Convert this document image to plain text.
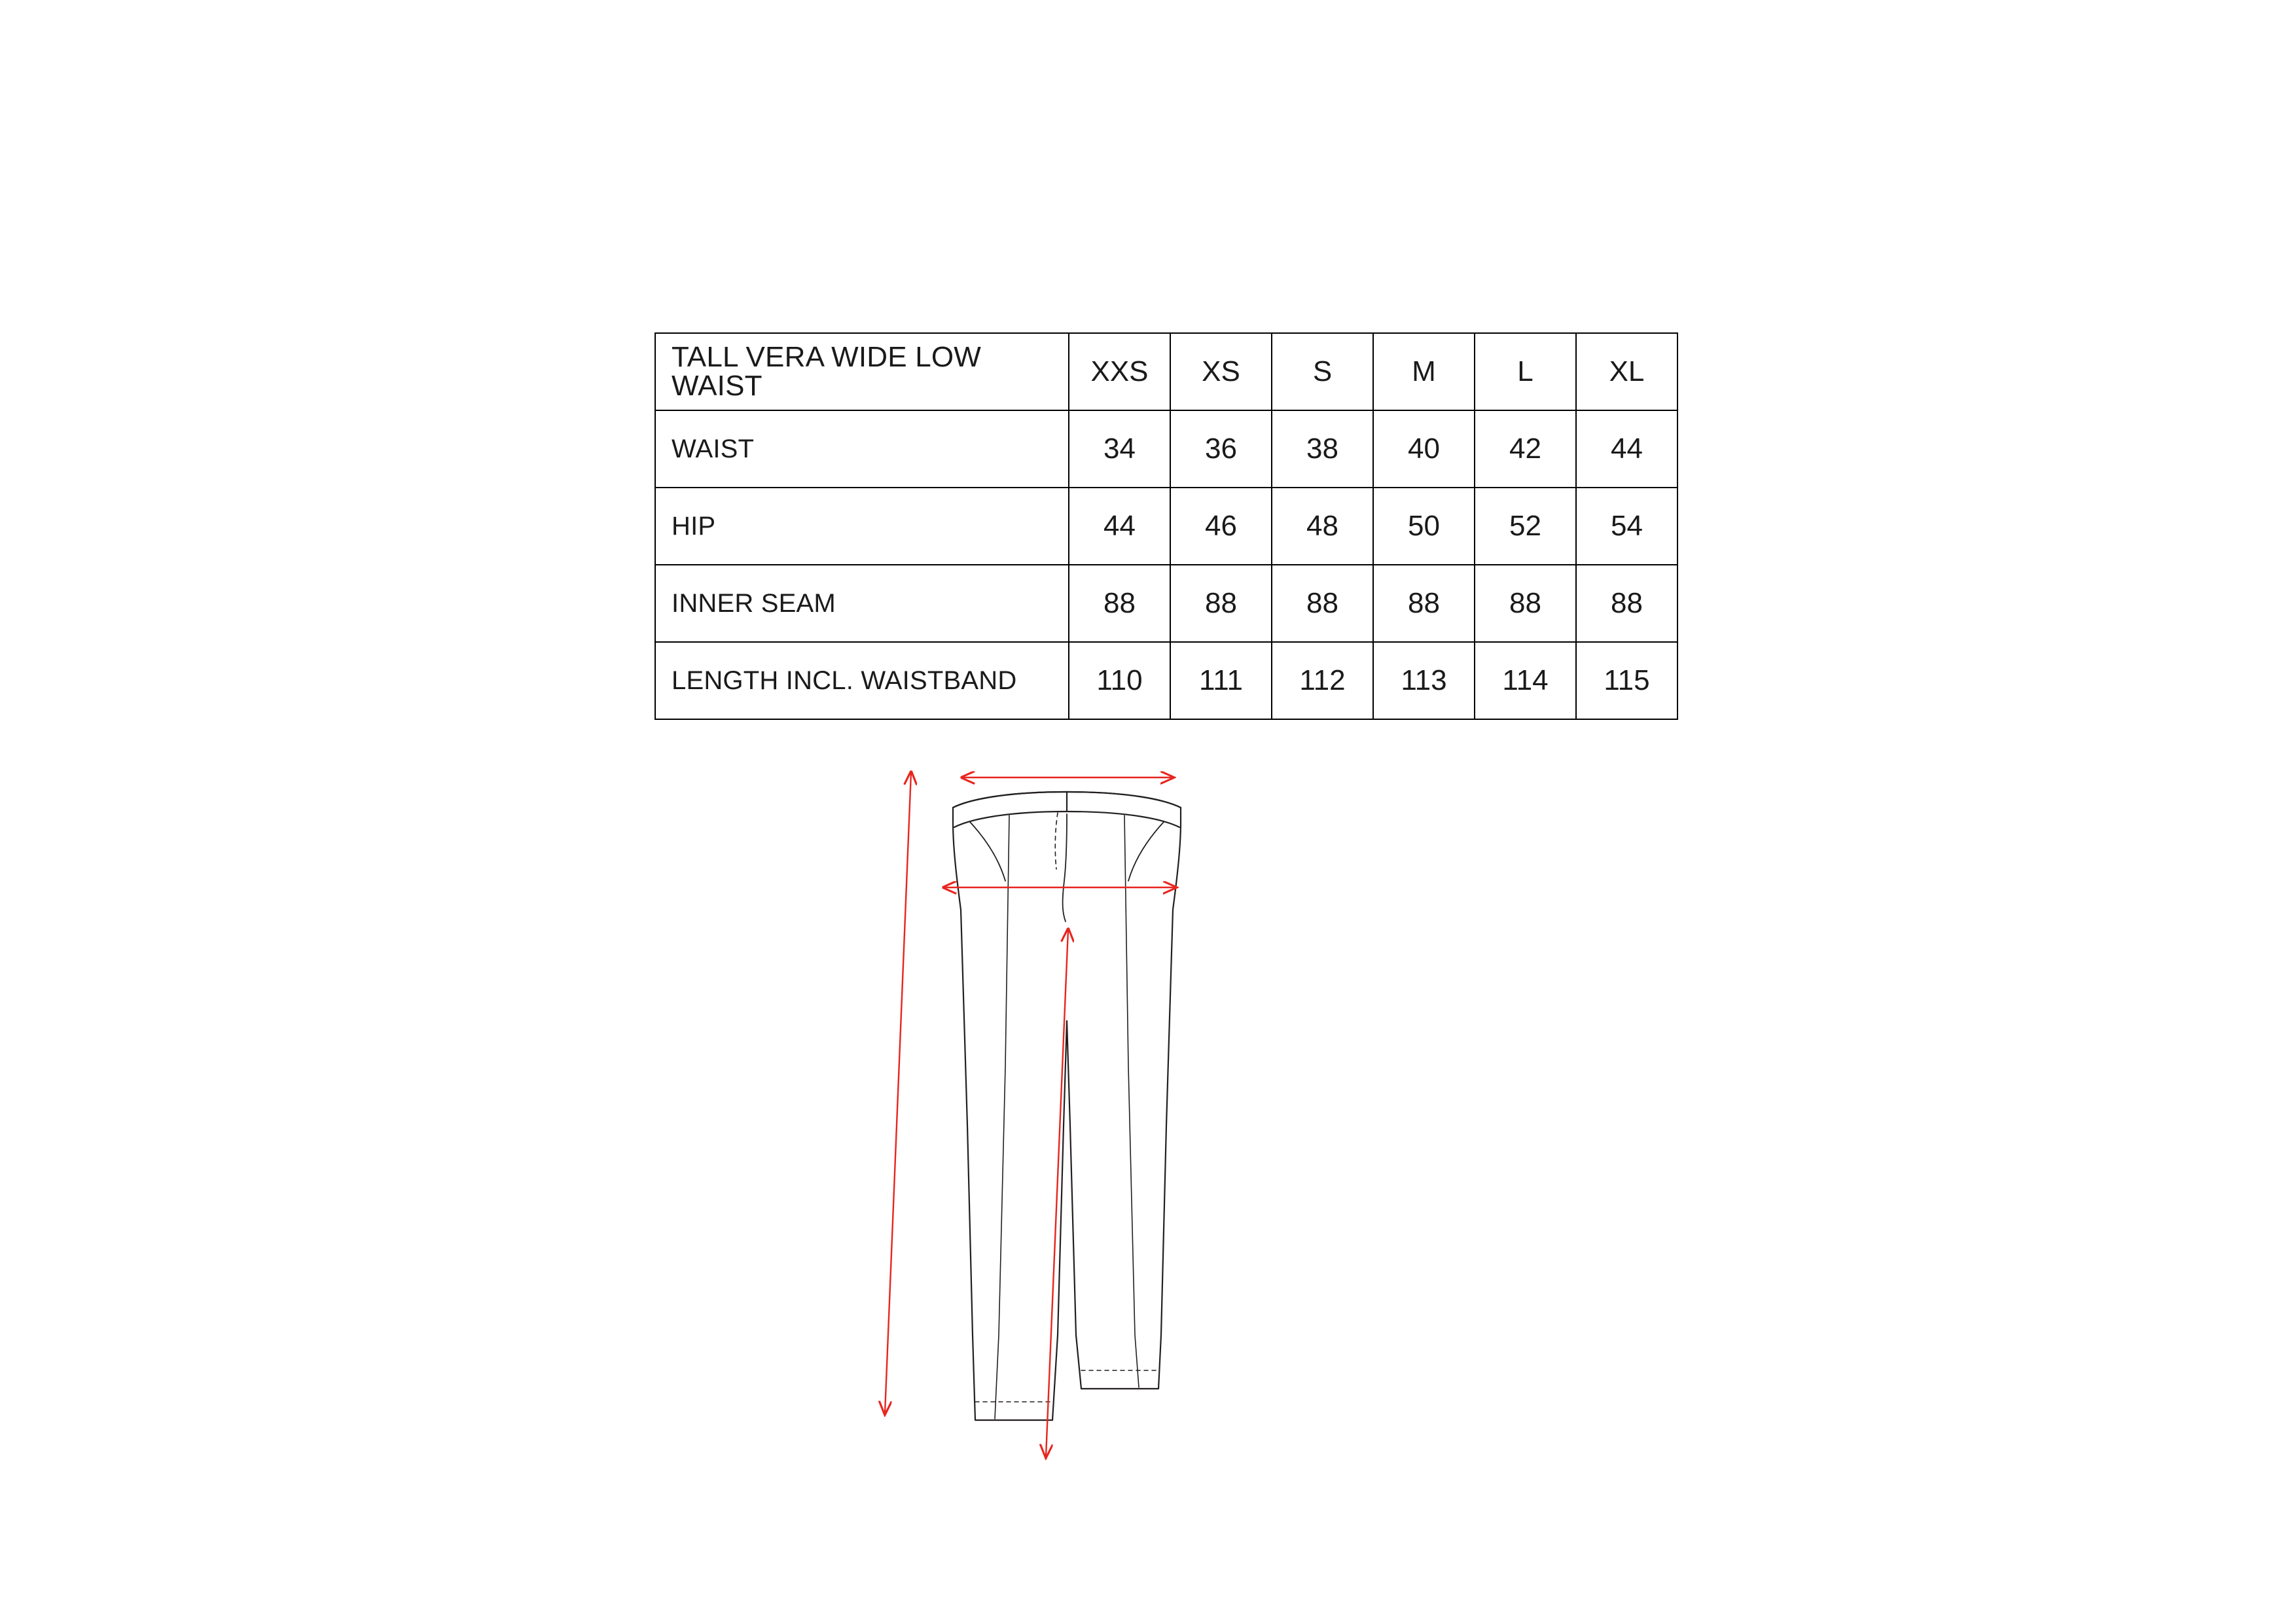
TALL VERA WIDE LOW WAIST	XXS	XS	S	M	L	XL
WAIST	34	36	38	40	42	44
HIP	44	46	48	50	52	54
INNER SEAM	88	88	88	88	88	88
LENGTH INCL. WAISTBAND	110	111	112	113	114	115
